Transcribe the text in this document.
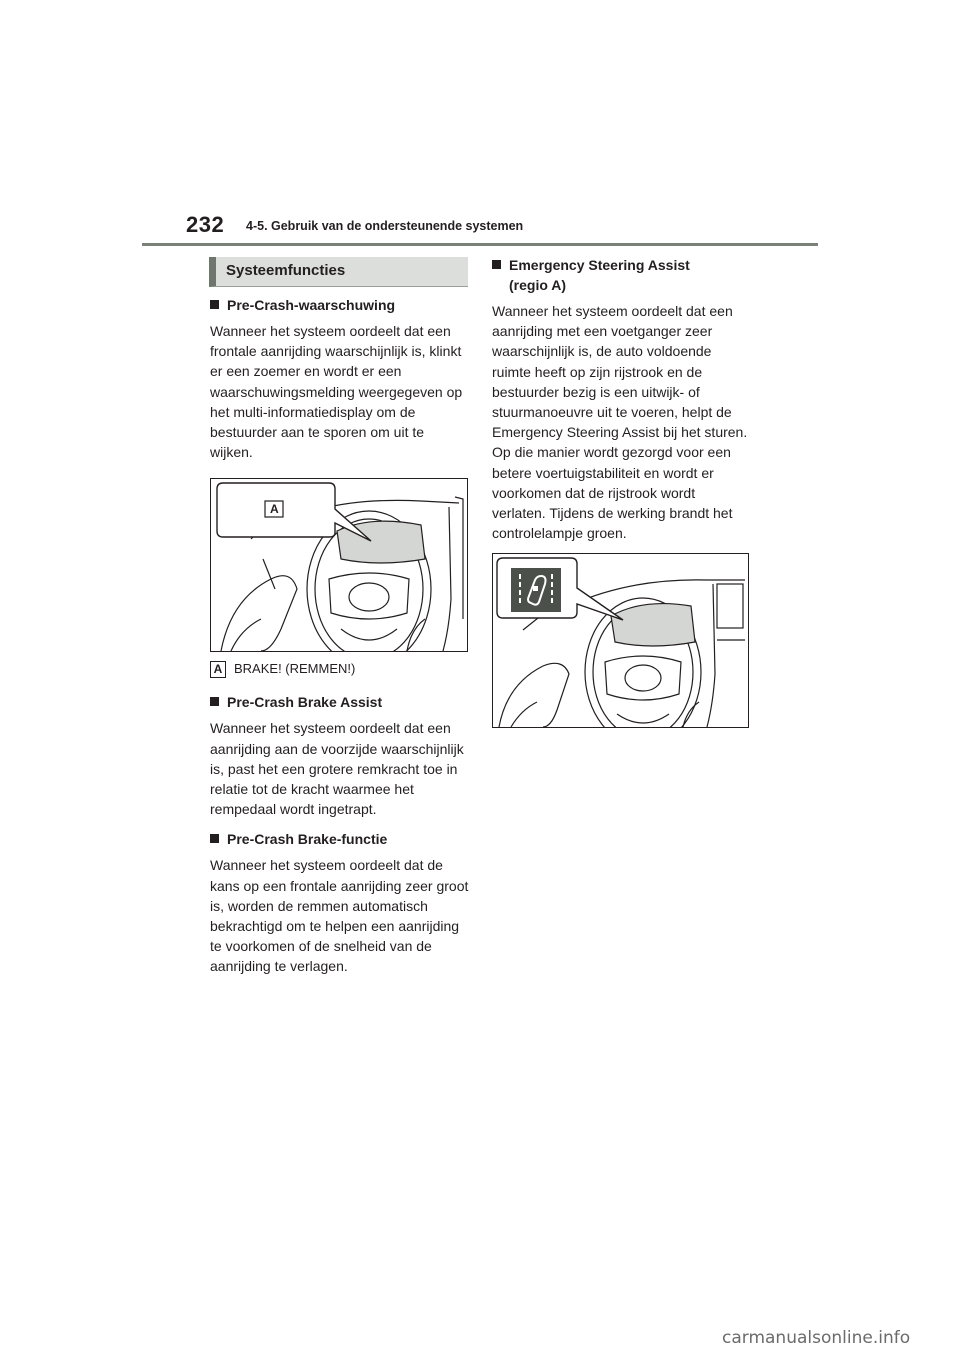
232 4-5. Gebruik van de ondersteunende systemen
Systeemfuncties
Pre-Crash-waarschuwing

Wanneer het systeem oordeelt dat een frontale aanrijding waarschijnlijk is, klinkt er een zoemer en wordt er een waarschuwingsmelding weergegeven op het multi-informatiedisplay om de bestuurder aan te sporen om uit te wijken.

A
A BRAKE! (REMMEN!)
Pre-Crash Brake Assist

Wanneer het systeem oordeelt dat een aanrijding aan de voorzijde waarschijnlijk is, past het een grotere remkracht toe in relatie tot de kracht waarmee het rempedaal wordt ingetrapt.

Pre-Crash Brake-functie

Wanneer het systeem oordeelt dat de kans op een frontale aanrijding zeer groot is, worden de remmen automatisch bekrachtigd om te helpen een aanrijding te voorkomen of de snelheid van de aanrijding te verlagen.

Emergency Steering Assist
(regio A)

Wanneer het systeem oordeelt dat een aanrijding met een voetganger zeer waarschijnlijk is, de auto voldoende ruimte heeft op zijn rijstrook en de bestuurder bezig is een uitwijk- of stuurmanoeuvre uit te voeren, helpt de Emergency Steering Assist bij het sturen. Op die manier wordt gezorgd voor een betere voertuigstabiliteit en wordt er voorkomen dat de rijstrook wordt verlaten. Tijdens de werking brandt het controlelampje groen.

carmanualsonline.info
